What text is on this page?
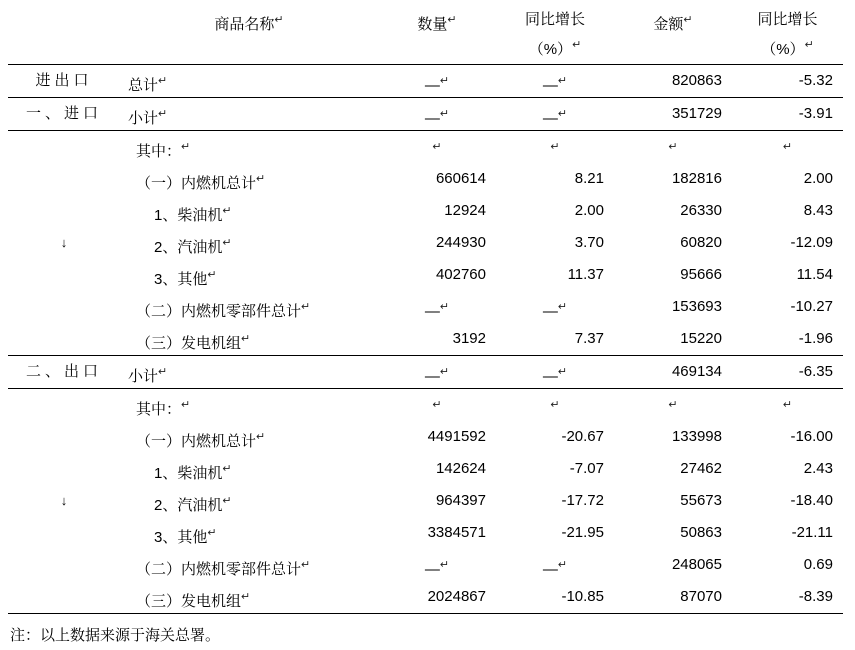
	商品名称↵	数量↵	同比增长	金额↵	同比增长

			（%）↵		（%）↵

进出口	总计↵	—↵	—↵	820863	-5.32

一、进口	小计↵	—↵	—↵	351729	-3.91

	其中：↵	↵	↵	↵	↵

	（一）内燃机总计↵	660614	8.21	182816	2.00

	1、柴油机↵	12924	2.00	26330	8.43

↓	2、汽油机↵	244930	3.70	60820	-12.09

	3、其他↵	402760	11.37	95666	11.54

	（二）内燃机零部件总计↵	—↵	—↵	153693	-10.27

	（三）发电机组↵	3192	7.37	15220	-1.96

二、出口	小计↵	—↵	—↵	469134	-6.35

	其中：↵	↵	↵	↵	↵

	（一）内燃机总计↵	4491592	-20.67	133998	-16.00

	1、柴油机↵	142624	-7.07	27462	2.43

↓	2、汽油机↵	964397	-17.72	55673	-18.40

	3、其他↵	3384571	-21.95	50863	-21.11

	（二）内燃机零部件总计↵	—↵	—↵	248065	0.69

	（三）发电机组↵	2024867	-10.85	87070	-8.39
注：以上数据来源于海关总署。
